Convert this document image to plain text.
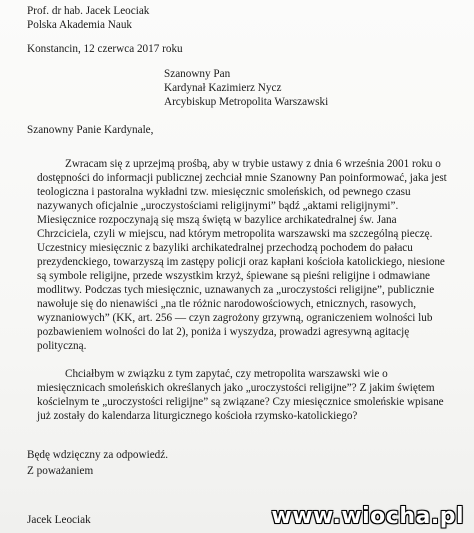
Prof. dr hab. Jacek Leociak
Polska Akademia Nauk
Konstancin, 12 czerwca 2017 roku
Szanowny Pan
Kardynał Kazimierz Nycz
Arcybiskup Metropolita Warszawski
Szanowny Panie Kardynale,
Zwracam się z uprzejmą prośbą, aby w trybie ustawy z dnia 6 września 2001 roku o
dostępności do informacji publicznej zechciał mnie Szanowny Pan poinformować, jaka jest
teologiczna i pastoralna wykładni tzw. miesięcznic smoleńskich, od pewnego czasu
nazywanych oficjalnie „uroczystościami religijnymi” bądź „aktami religijnymi”.
Miesięcznice rozpoczynają się mszą świętą w bazylice archikatedralnej św. Jana
Chrzciciela, czyli w miejscu, nad którym metropolita warszawski ma szczególną pieczę.
Uczestnicy miesięcznic z bazyliki archikatedralnej przechodzą pochodem do pałacu
prezydenckiego, towarzyszą im zastępy policji oraz kapłani kościoła katolickiego, niesione
są symbole religijne, przede wszystkim krzyż, śpiewane są pieśni religijne i odmawiane
modlitwy. Podczas tych miesięcznic, uznawanych za „uroczystości religijne”, publicznie
nawołuje się do nienawiści „na tle różnic narodowościowych, etnicznych, rasowych,
wyznaniowych” (KK, art. 256 — czyn zagrożony grzywną, ograniczeniem wolności lub
pozbawieniem wolności do lat 2), poniża i wyszydza, prowadzi agresywną agitację
polityczną.
Chciałbym w związku z tym zapytać, czy metropolita warszawski wie o
miesięcznicach smoleńskich określanych jako „uroczystości religijne”? Z jakim świętem
kościelnym te „uroczystości religijne” są związane? Czy miesięcznice smoleńskie wpisane
już zostały do kalendarza liturgicznego kościoła rzymsko-katolickiego?
Będę wdzięczny za odpowiedź.
Z poważaniem
Jacek Leociak	www.wiocha.pl
